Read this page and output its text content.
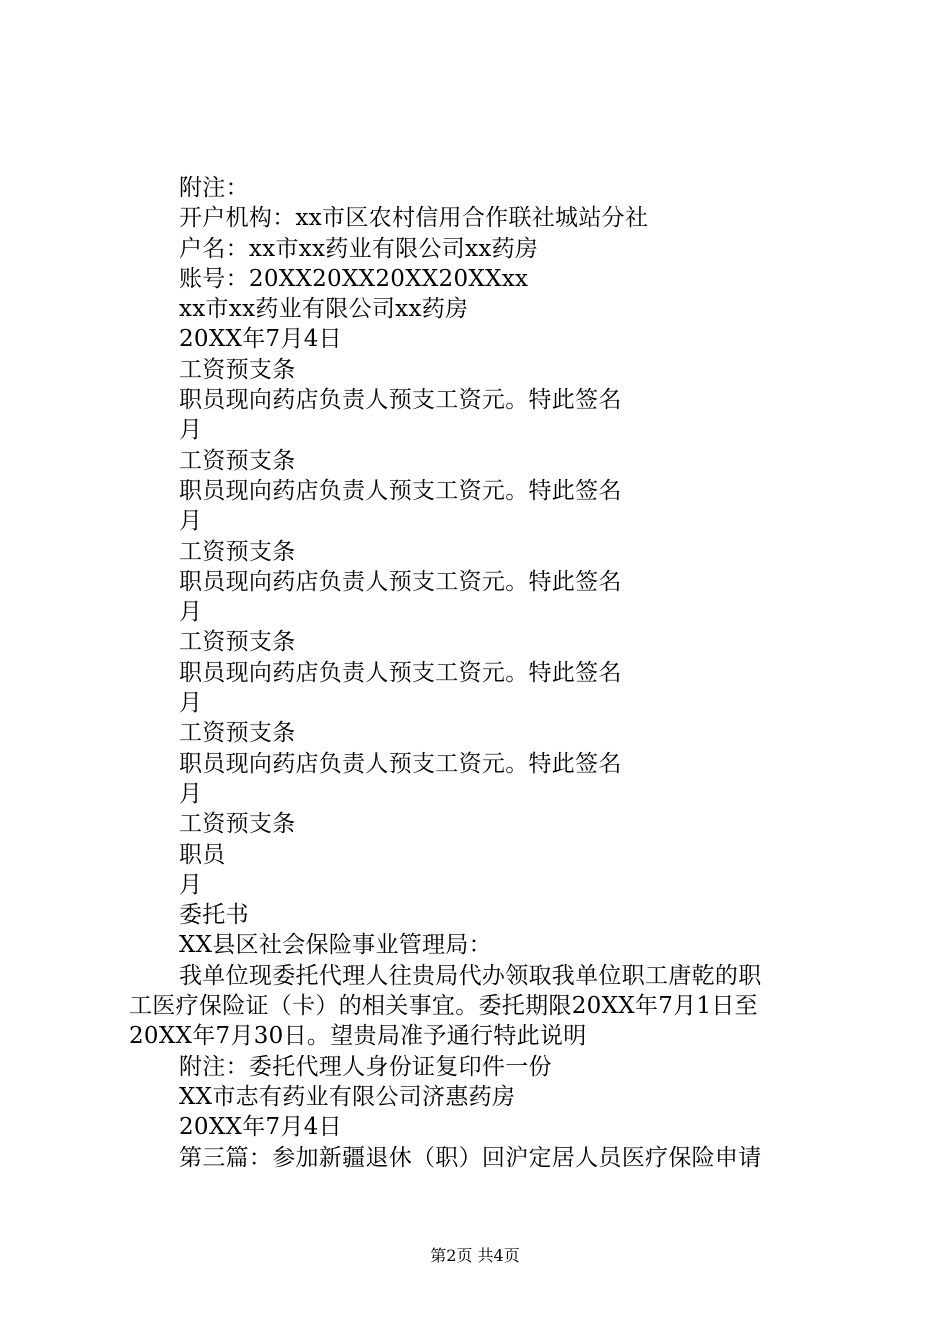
附注：
开户机构：xx市区农村信用合作联社城站分社
户名：xx市xx药业有限公司xx药房
账号：20XX20XX20XX20XXxx
xx市xx药业有限公司xx药房
20XX年7月4日
工资预支条
职员现向药店负责人预支工资元。特此签名
月
工资预支条
职员现向药店负责人预支工资元。特此签名
月
工资预支条
职员现向药店负责人预支工资元。特此签名
月
工资预支条
职员现向药店负责人预支工资元。特此签名
月
工资预支条
职员现向药店负责人预支工资元。特此签名
月
工资预支条
职员
月
委托书
XX县区社会保险事业管理局：
我单位现委托代理人往贵局代办领取我单位职工唐乾的职
工医疗保险证（卡）的相关事宜。委托期限20XX年7月1日至
20XX年7月30日。望贵局准予通行特此说明
附注：委托代理人身份证复印件一份
XX市志有药业有限公司济惠药房
20XX年7月4日
第三篇：参加新疆退休（职）回沪定居人员医疗保险申请
第2页 共4页
